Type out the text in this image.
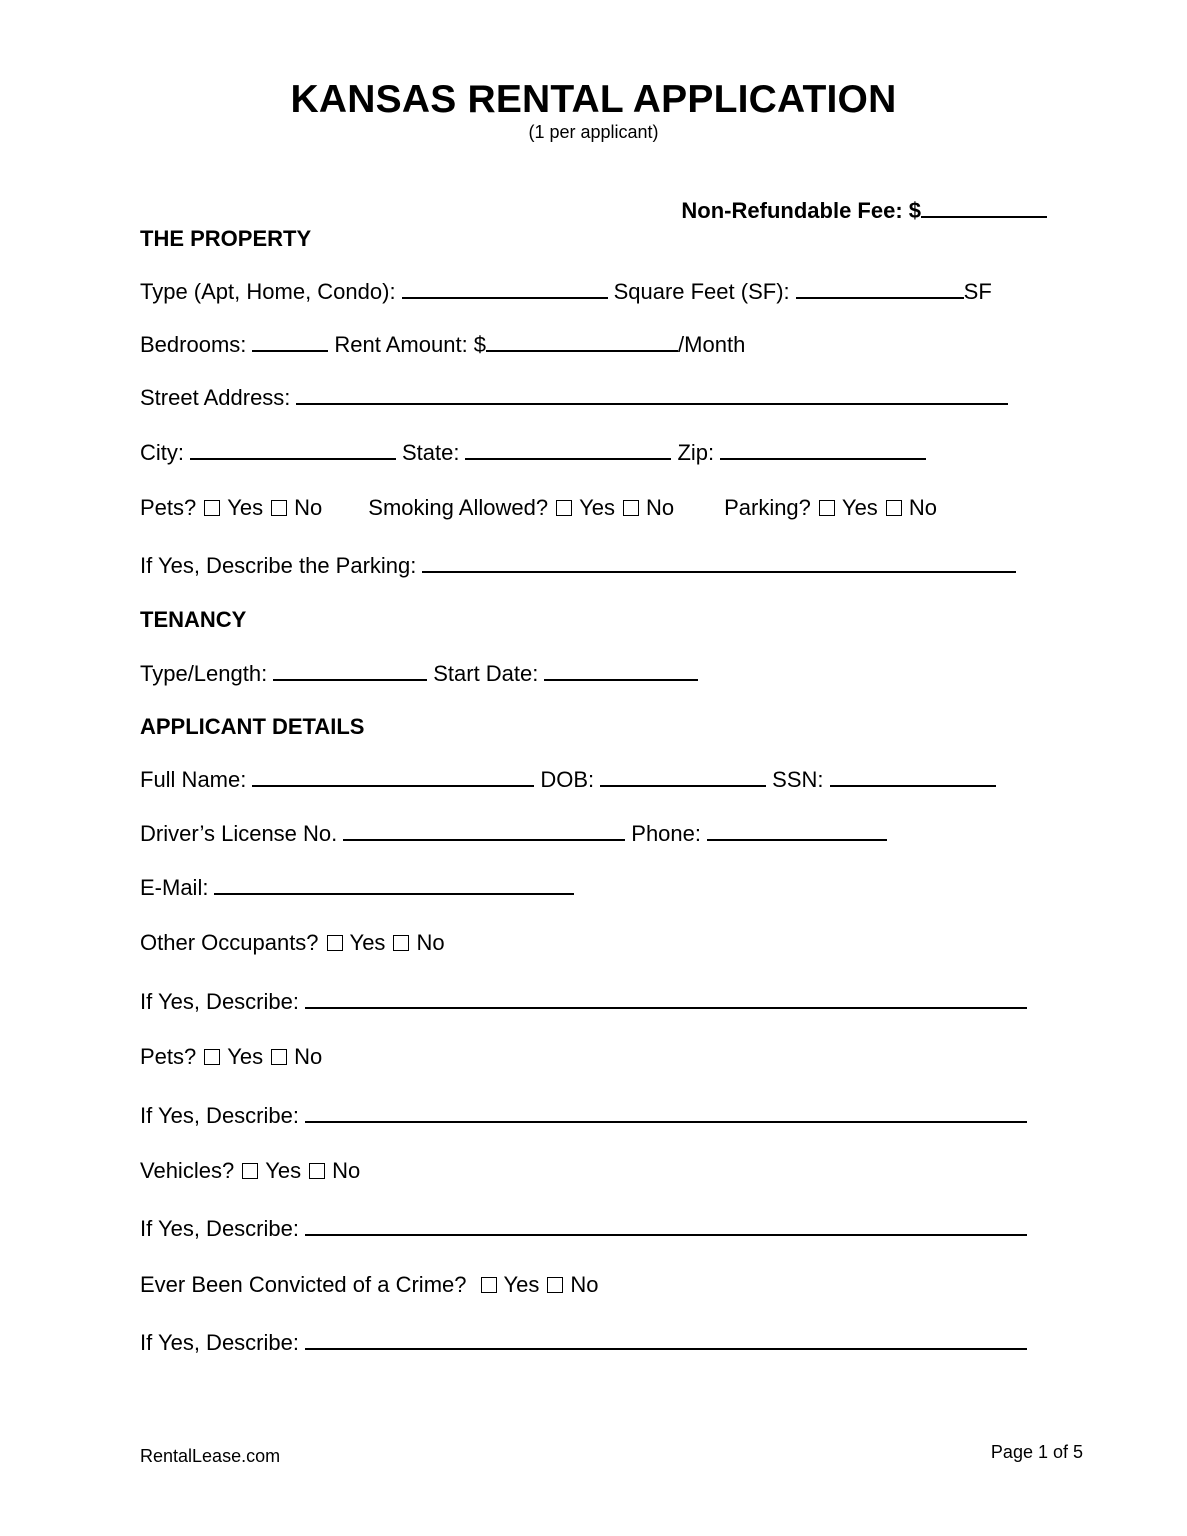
KANSAS RENTAL APPLICATION
(1 per applicant)
Non-Refundable Fee: $
THE PROPERTY
Type (Apt, Home, Condo):	Square Feet (SF):	SF
Bedrooms:	Rent Amount: $	/Month
Street Address:
City:	State:	Zip:
Pets? Yes No Smoking Allowed? Yes No Parking? Yes No
If Yes, Describe the Parking:
TENANCY
Type/Length:	Start Date:
APPLICANT DETAILS
Full Name:	DOB:	SSN:
Driver’s License No.	Phone:
E-Mail:
Other Occupants? Yes No
If Yes, Describe:
Pets? Yes No
If Yes, Describe:
Vehicles? Yes No
If Yes, Describe:
Ever Been Convicted of a Crime? Yes No
If Yes, Describe:
RentalLease.com	Page 1 of 5
